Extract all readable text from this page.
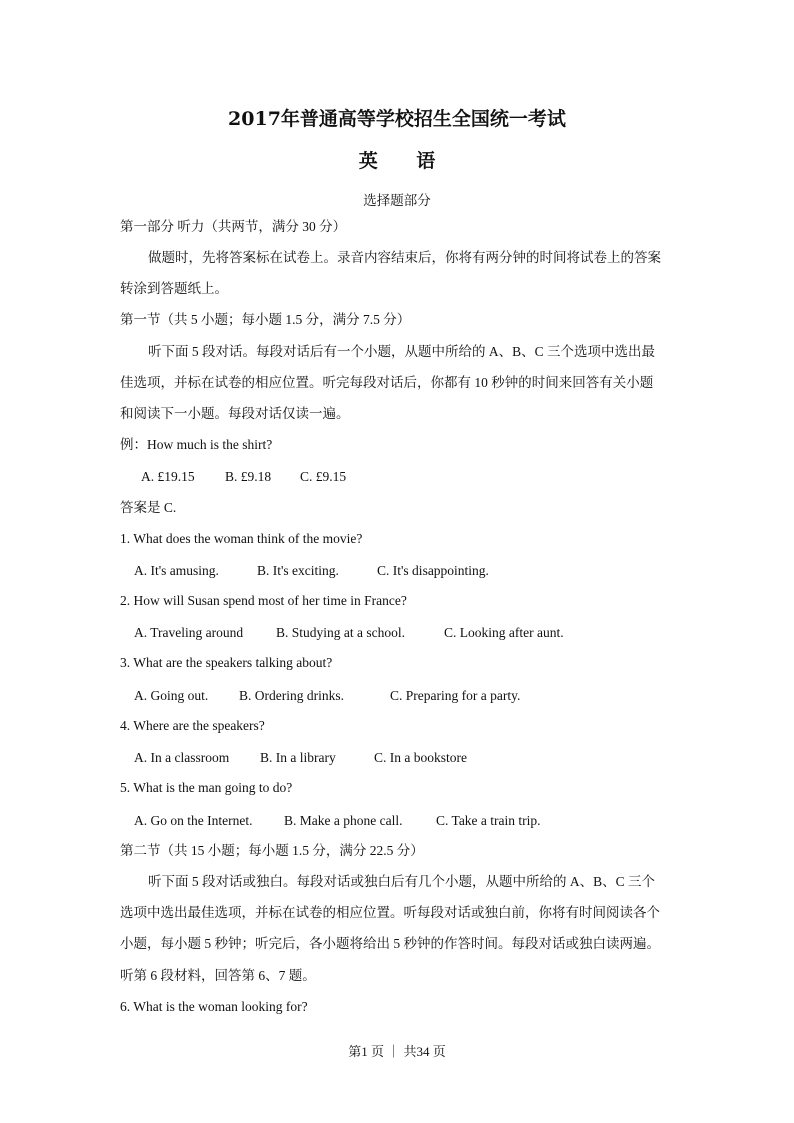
2017年普通高等学校招生全国统一考试
英 语
选择题部分
第一部分 听力（共两节，满分 30 分）
做题时，先将答案标在试卷上。录音内容结束后，你将有两分钟的时间将试卷上的答案
转涂到答题纸上。
第一节（共 5 小题；每小题 1.5 分，满分 7.5 分）
听下面 5 段对话。每段对话后有一个小题，从题中所给的 A、B、C 三个选项中选出最
佳选项，并标在试卷的相应位置。听完每段对话后，你都有 10 秒钟的时间来回答有关小题
和阅读下一小题。每段对话仅读一遍。
例：How much is the shirt?
A. £19.15 B. £9.18 C. £9.15
答案是 C.
1. What does the woman think of the movie?
A. It's amusing.	B. It's exciting.	C. It's disappointing.
2. How will Susan spend most of her time in France?
A. Traveling around B. Studying at a school.	C. Looking after aunt.
3. What are the speakers talking about?
A. Going out. B. Ordering drinks.	C. Preparing for a party.
4. Where are the speakers?
A. In a classroom B. In a library	C. In a bookstore
5. What is the man going to do?
A. Go on the Internet. B. Make a phone call. C. Take a train trip.
第二节（共 15 小题；每小题 1.5 分，满分 22.5 分）
听下面 5 段对话或独白。每段对话或独白后有几个小题，从题中所给的 A、B、C 三个
选项中选出最佳选项，并标在试卷的相应位置。听每段对话或独白前，你将有时间阅读各个
小题，每小题 5 秒钟；听完后，各小题将给出 5 秒钟的作答时间。每段对话或独白读两遍。
听第 6 段材料，回答第 6、7 题。
6. What is the woman looking for?
第1 页 ｜ 共34 页
